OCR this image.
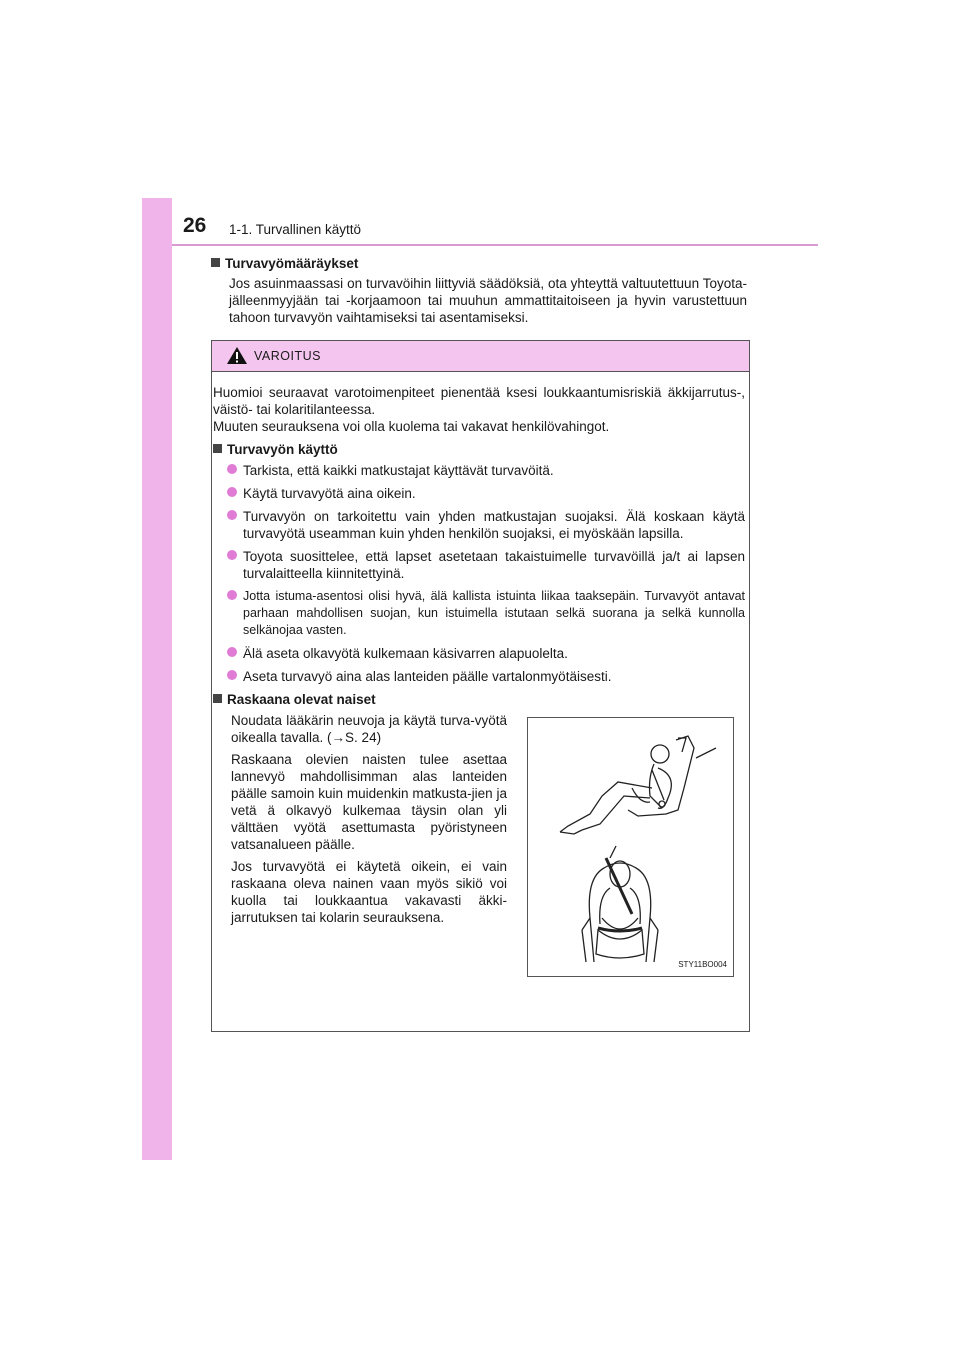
26 1-1. Turvallinen käyttö
Turvavyömääräykset
Jos asuinmaassasi on turvavöihin liittyviä säädöksiä, ota yhteyttä valtuutettuun Toyota-jälleenmyyjään tai -korjaamoon tai muuhun ammattitaitoiseen ja hyvin varustettuun tahoon turvavyön vaihtamiseksi tai asentamiseksi.
VAROITUS

Huomioi seuraavat varotoimenpiteet pienentää ksesi loukkaantumisriskiä äkkijarrutus-, väistö- tai kolaritilanteessa.

Muuten seurauksena voi olla kuolema tai vakavat henkilövahingot.

Turvavyön käyttö
Tarkista, että kaikki matkustajat käyttävät turvavöitä.
Käytä turvavyötä aina oikein.
Turvavyön on tarkoitettu vain yhden matkustajan suojaksi. Älä koskaan käytä turvavyötä useamman kuin yhden henkilön suojaksi, ei myöskään lapsilla.
Toyota suosittelee, että lapset asetetaan takaistuimelle turvavöillä ja/t ai lapsen turvalaitteella kiinnitettyinä.
Jotta istuma-asentosi olisi hyvä, älä kallista istuinta liikaa taaksepäin. Turvavyöt antavat parhaan mahdollisen suojan, kun istuimella istutaan selkä suorana ja selkä kunnolla selkänojaa vasten.
Älä aseta olkavyötä kulkemaan käsivarren alapuolelta.
Aseta turvavyö aina alas lanteiden päälle vartalonmyötäisesti.
Raskaana olevat naiset

Noudata lääkärin neuvoja ja käytä turva-vyötä oikealla tavalla. (→S. 24)

Raskaana olevien naisten tulee asettaa lannevyö mahdollisimman alas lanteiden päälle samoin kuin muidenkin matkusta-jien ja vetä ä olkavyö kulkemaa täysin olan yli välttäen vyötä asettumasta pyöristyneen vatsanalueen päälle.

Jos turvavyötä ei käytetä oikein, ei vain raskaana oleva nainen vaan myös sikiö voi kuolla tai loukkaantua vakavasti äkki-jarrutuksen tai kolarin seurauksena.

STY11BO004
